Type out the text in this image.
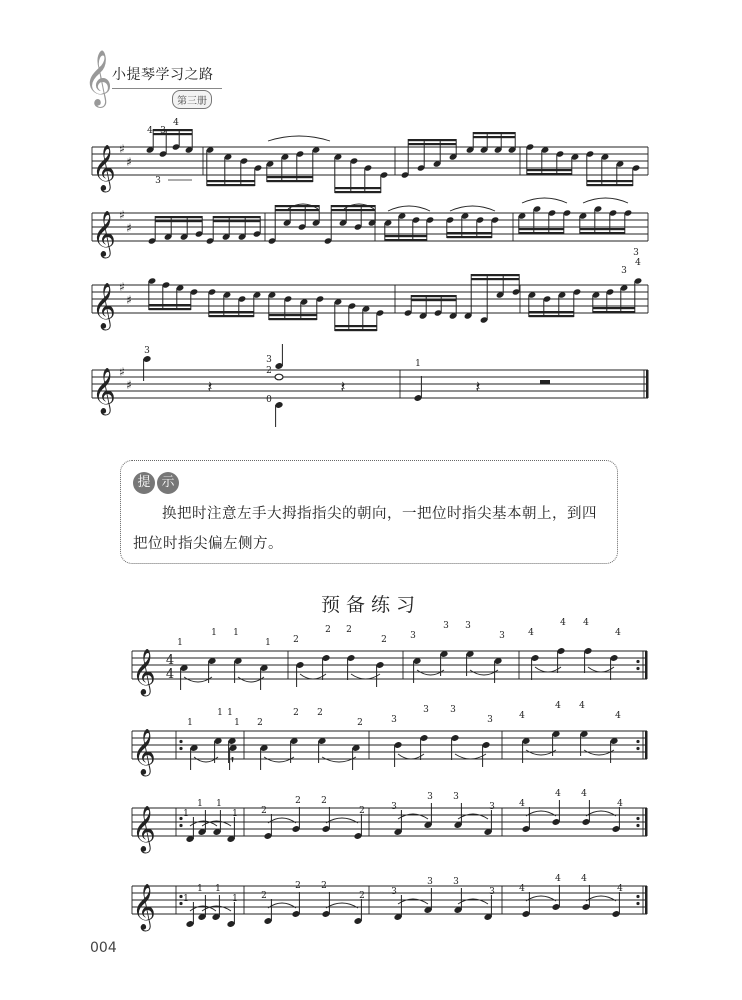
𝄞 小提琴学习之路
第三册
𝄞 ♯
♯
𝄞 ♯
♯
𝄞 ♯
♯
𝄞 ♯
♯
4 3
4
3
3
3
4
3
𝄽
3
2
0
𝄽
1
𝄽
𝄞 4
4
𝄞
𝄞
𝄞
1
1 1
1 2
2 2
2	3
3 3
3	4
4 4
4
1
1 1
1 2
2 2
2	3
3 3
3	4
4 4
4
1
1
1
1	2
2 2
2	3
3 3
3	4
4 4
4
1
1
1
1	2
2 2
2	3
3 3
3	4
4 4
4
提 示
换把时注意左手大拇指指尖的朝向，一把位时指尖基本朝上，到四把位时指尖偏左侧方。
预备练习
004
